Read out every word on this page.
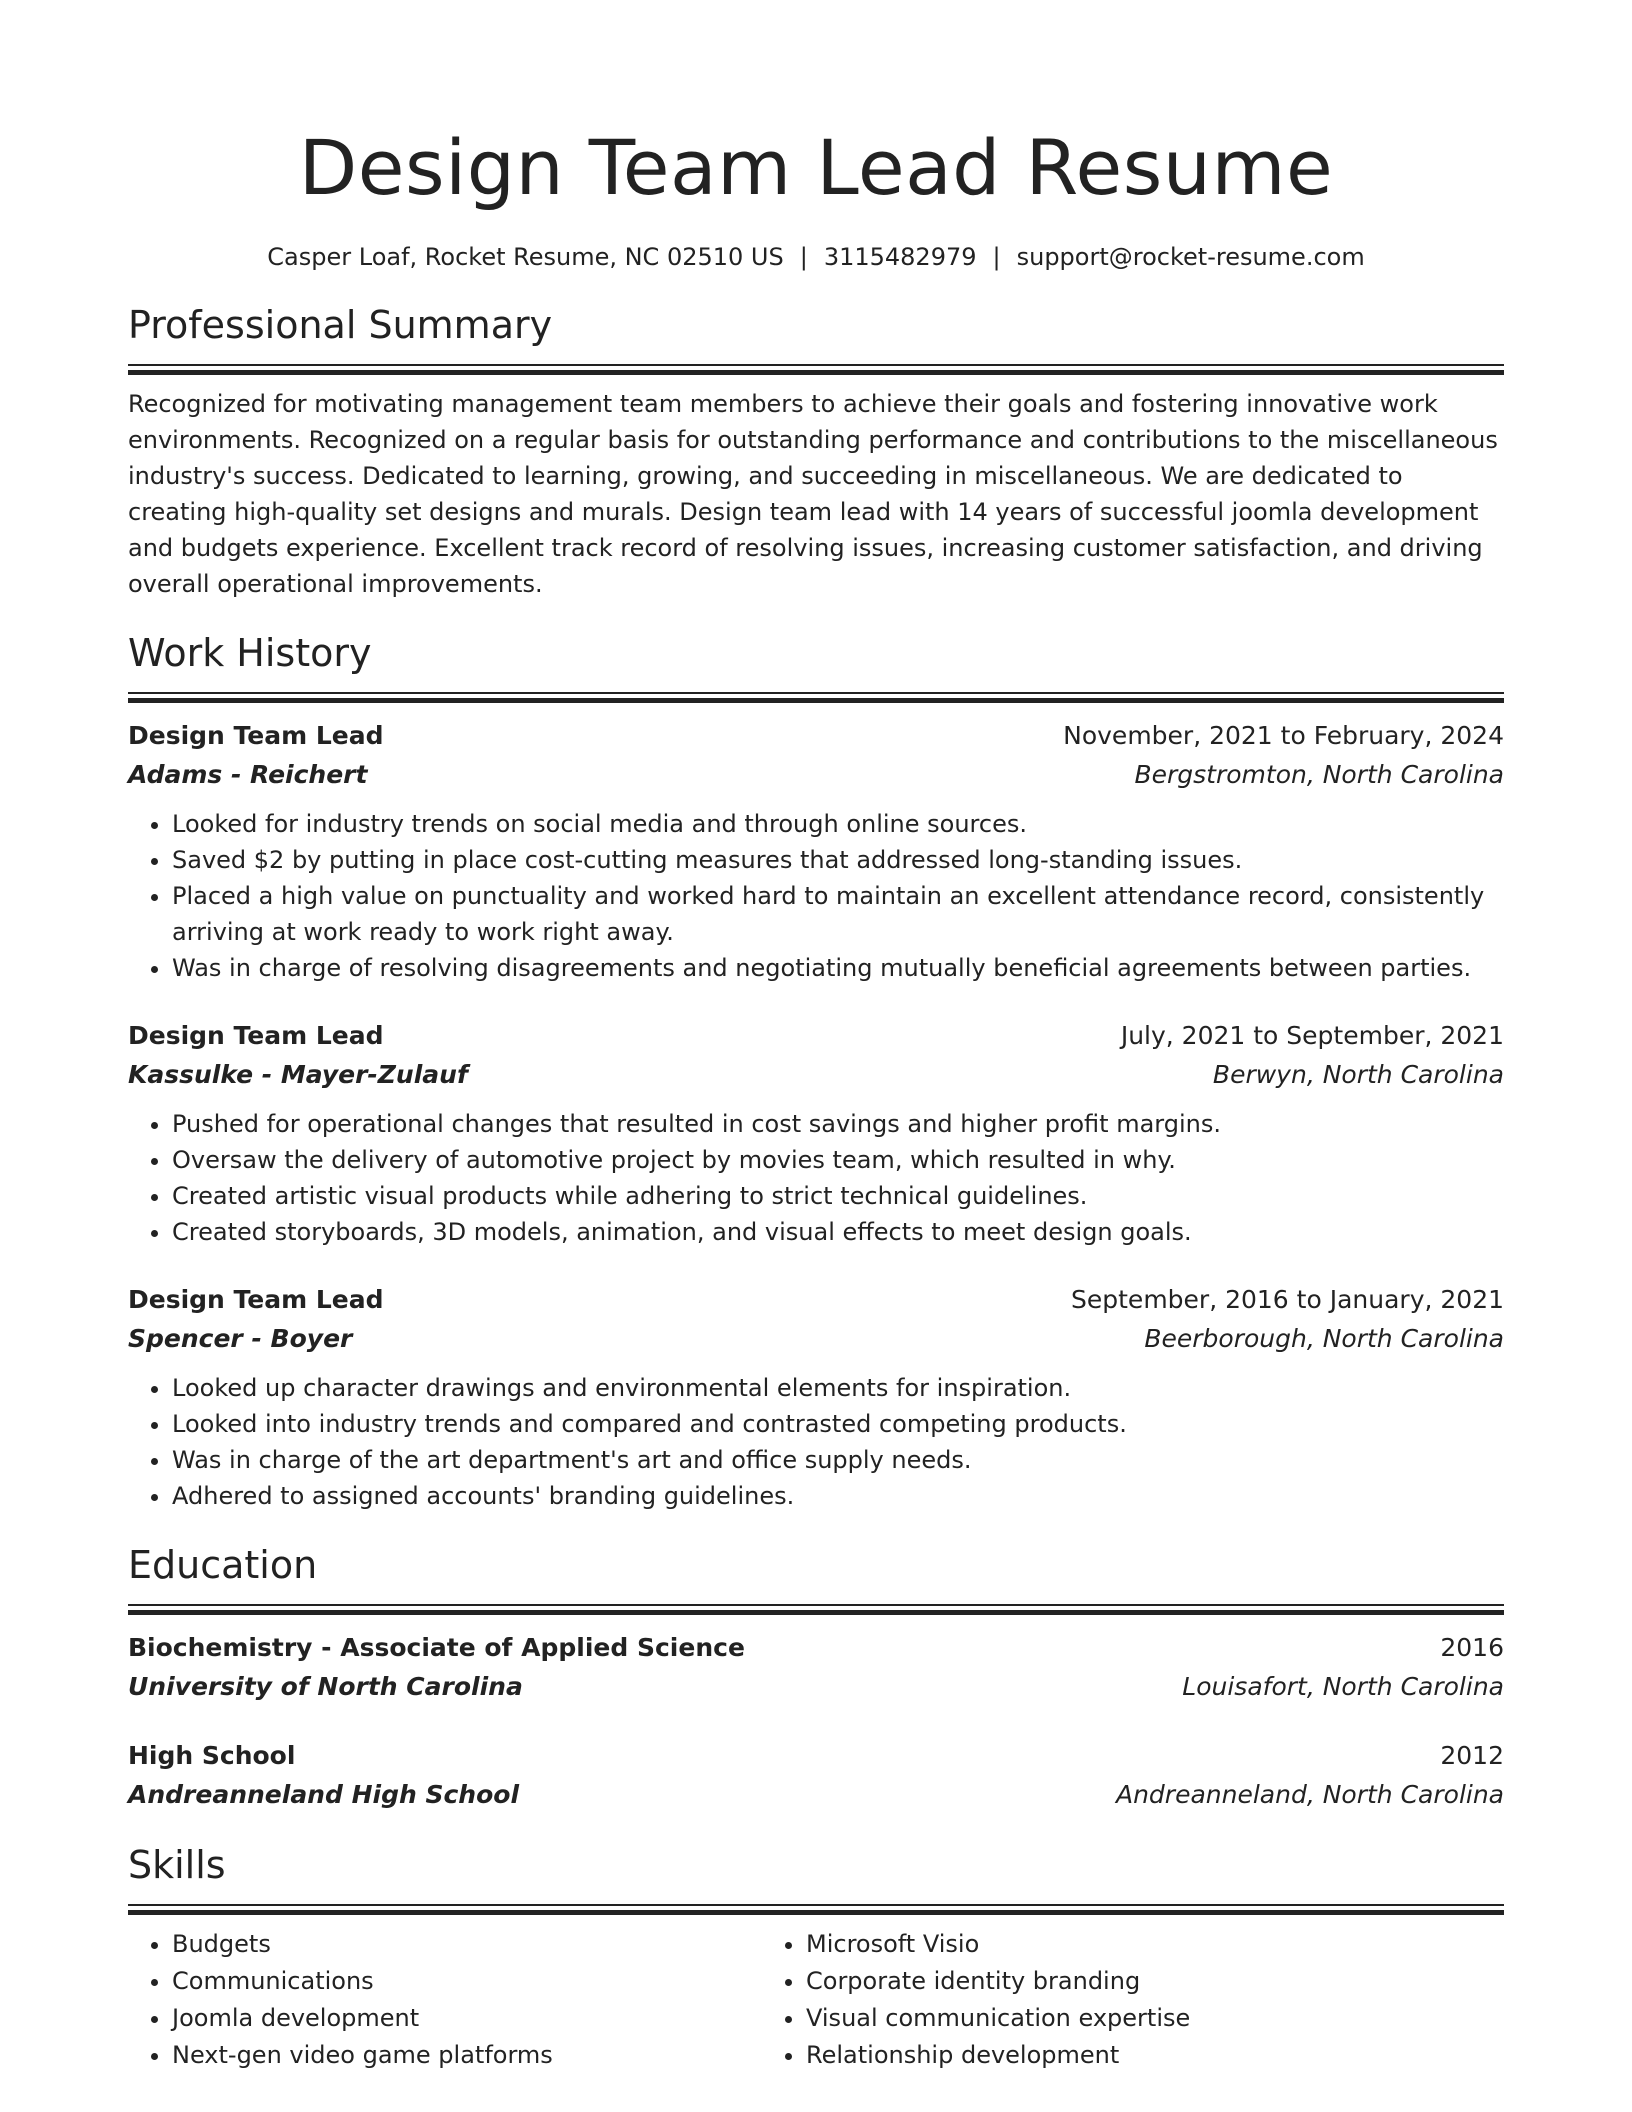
Design Team Lead Resume
Casper Loaf, Rocket Resume, NC 02510 US | 3115482979 | support@rocket-resume.com
Professional Summary
Recognized for motivating management team members to achieve their goals and fostering innovative work environments. Recognized on a regular basis for outstanding performance and contributions to the miscellaneous industry's success. Dedicated to learning, growing, and succeeding in miscellaneous. We are dedicated to creating high-quality set designs and murals. Design team lead with 14 years of successful joomla development and budgets experience. Excellent track record of resolving issues, increasing customer satisfaction, and driving overall operational improvements.
Work History
Design Team Lead	November, 2021 to February, 2024
Adams - Reichert	Bergstromton, North Carolina
• Looked for industry trends on social media and through online sources.
• Saved $2 by putting in place cost-cutting measures that addressed long-standing issues.
• Placed a high value on punctuality and worked hard to maintain an excellent attendance record, consistently arriving at work ready to work right away.
• Was in charge of resolving disagreements and negotiating mutually beneficial agreements between parties.
Design Team Lead	July, 2021 to September, 2021
Kassulke - Mayer-Zulauf	Berwyn, North Carolina
• Pushed for operational changes that resulted in cost savings and higher profit margins.
• Oversaw the delivery of automotive project by movies team, which resulted in why.
• Created artistic visual products while adhering to strict technical guidelines.
• Created storyboards, 3D models, animation, and visual effects to meet design goals.
Design Team Lead	September, 2016 to January, 2021
Spencer - Boyer	Beerborough, North Carolina
• Looked up character drawings and environmental elements for inspiration.
• Looked into industry trends and compared and contrasted competing products.
• Was in charge of the art department's art and office supply needs.
• Adhered to assigned accounts' branding guidelines.
Education
Biochemistry - Associate of Applied Science	2016
University of North Carolina	Louisafort, North Carolina
High School	2012
Andreanneland High School	Andreanneland, North Carolina
Skills
• Budgets
• Communications
• Joomla development
• Next-gen video game platforms
• Microsoft Visio
• Corporate identity branding
• Visual communication expertise
• Relationship development
